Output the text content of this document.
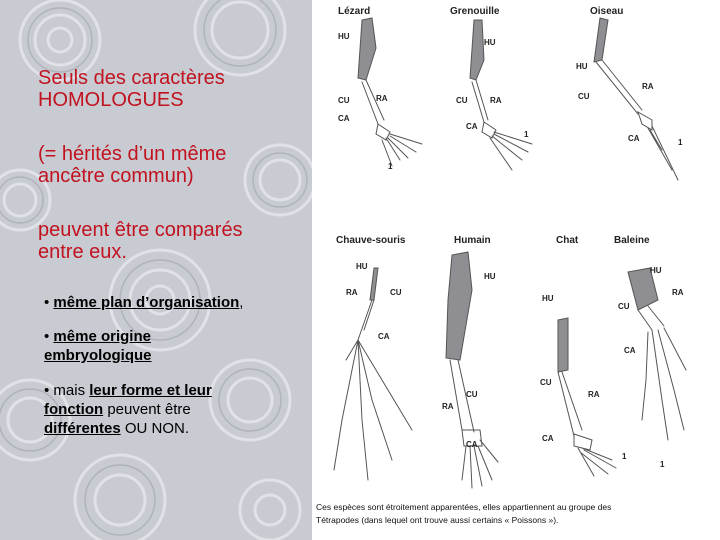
Seuls des caractères
HOMOLOGUES
(= hérités d’un même
ancêtre commun)
peuvent être comparés
entre eux.
• même plan d’organisation,
• même origine
embryologique
• mais leur forme et leur
fonction peuvent être
différentes OU NON.
Lézard	Grenouille	Oiseau
Chauve-souris	Humain	Chat	Baleine
HU
CU	RA
CA
1
HU
CU	RA
CA
1
HU
CU
RA
CA	1
HU
RA	CU
CA
HU
RA
CU
CA
HU
CU
RA
CA
1
HU
CU
RA
CA
1
Ces espèces sont étroitement apparentées, elles appartiennent au groupe des
Tétrapodes (dans lequel ont trouve aussi certains « Poissons »).
